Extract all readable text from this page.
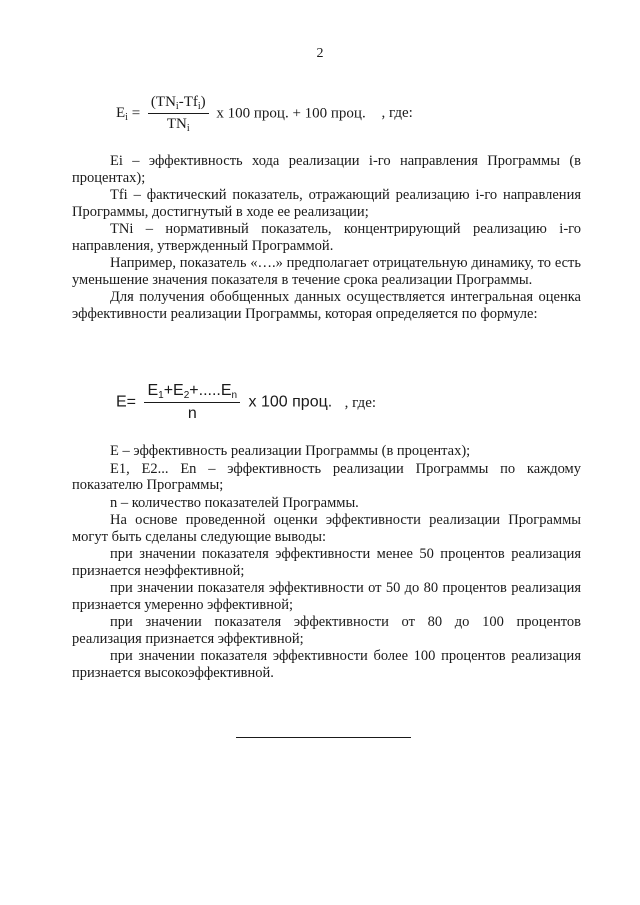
2
$E_i = \frac{(TN_i-Tf_i)}{TN_i}$ x 100 проц. + 100 проц. , где:

Ei – эффективность хода реализации i-го направления Программы (в процентах);

Tfi – фактический показатель, отражающий реализацию i-го направления Программы, достигнутый в ходе ее реализации;

TNi – нормативный показатель, концентрирующий реализацию i-го направления, утвержденный Программой.

Например, показатель «….» предполагает отрицательную динамику, то есть уменьшение значения показателя в течение срока реализации Программы.

Для получения обобщенных данных осуществляется интегральная оценка эффективности реализации Программы, которая определяется по формуле:

$E= \frac{E_1+E_2+.....E_n}{n}$ x 100 проц. , где:

E – эффективность реализации Программы (в процентах);

E1, E2... En – эффективность реализации Программы по каждому показателю Программы;

n – количество показателей Программы.

На основе проведенной оценки эффективности реализации Программы могут быть сделаны следующие выводы:

при значении показателя эффективности менее 50 процентов реализация признается неэффективной;

при значении показателя эффективности от 50 до 80 процентов реализация признается умеренно эффективной;

при значении показателя эффективности от 80 до 100 процентов реализация признается эффективной;

при значении показателя эффективности более 100 процентов реализация признается высокоэффективной.
